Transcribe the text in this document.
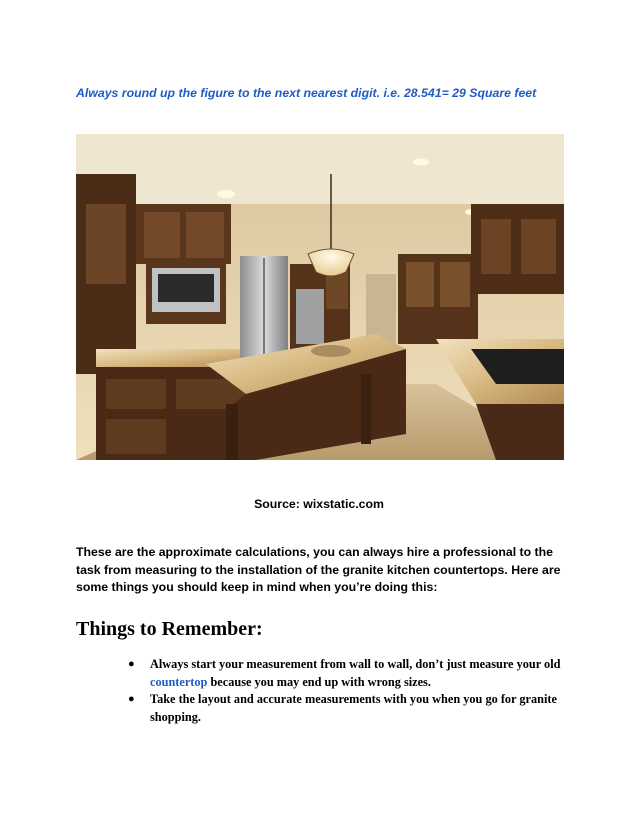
Always round up the figure to the next nearest digit. i.e. 28.541= 29 Square feet
Source: wixstatic.com
These are the approximate calculations, you can always hire a professional to the task from measuring to the installation of the granite kitchen countertops. Here are some things you should keep in mind when you’re doing this:
Things to Remember:
● Always start your measurement from wall to wall, don’t just measure your old countertop because you may end up with wrong sizes.
● Take the layout and accurate measurements with you when you go for granite shopping.
